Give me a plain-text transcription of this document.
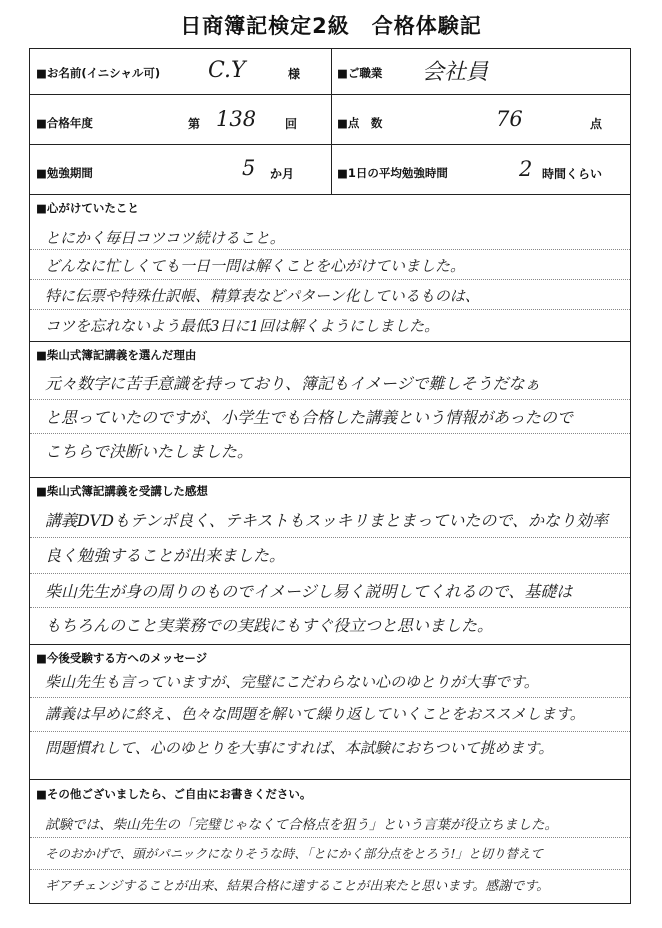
日商簿記検定2級　合格体験記
■お名前(イニシャル可) C.Y	様	■ご職業 会社員
■合格年度	第 138 回	■点　数	76	点
■勉強期間	5 か月	■1日の平均勉強時間	2 時間くらい
■心がけていたこと
とにかく毎日コツコツ続けること。
どんなに忙しくても一日一問は解くことを心がけていました。
特に伝票や特殊仕訳帳、精算表などパターン化しているものは、
コツを忘れないよう最低3日に1回は解くようにしました。
■柴山式簿記講義を選んだ理由
元々数字に苦手意識を持っており、簿記もイメージで難しそうだなぁ
と思っていたのですが、小学生でも合格した講義という情報があったので
こちらで決断いたしました。
■柴山式簿記講義を受講した感想
講義DVDもテンポ良く、テキストもスッキリまとまっていたので、かなり効率
良く勉強することが出来ました。
柴山先生が身の周りのものでイメージし易く説明してくれるので、基礎は
もちろんのこと実業務での実践にもすぐ役立つと思いました。
■今後受験する方へのメッセージ
柴山先生も言っていますが、完璧にこだわらない心のゆとりが大事です。
講義は早めに終え、色々な問題を解いて繰り返していくことをおススメします。
問題慣れして、心のゆとりを大事にすれば、本試験におちついて挑めます。
■その他ございましたら、ご自由にお書きください。
試験では、柴山先生の「完璧じゃなくて合格点を狙う」という言葉が役立ちました。
そのおかげで、頭がパニックになりそうな時、「とにかく部分点をとろう!」と切り替えて
ギアチェンジすることが出来、結果合格に達することが出来たと思います。感謝です。
